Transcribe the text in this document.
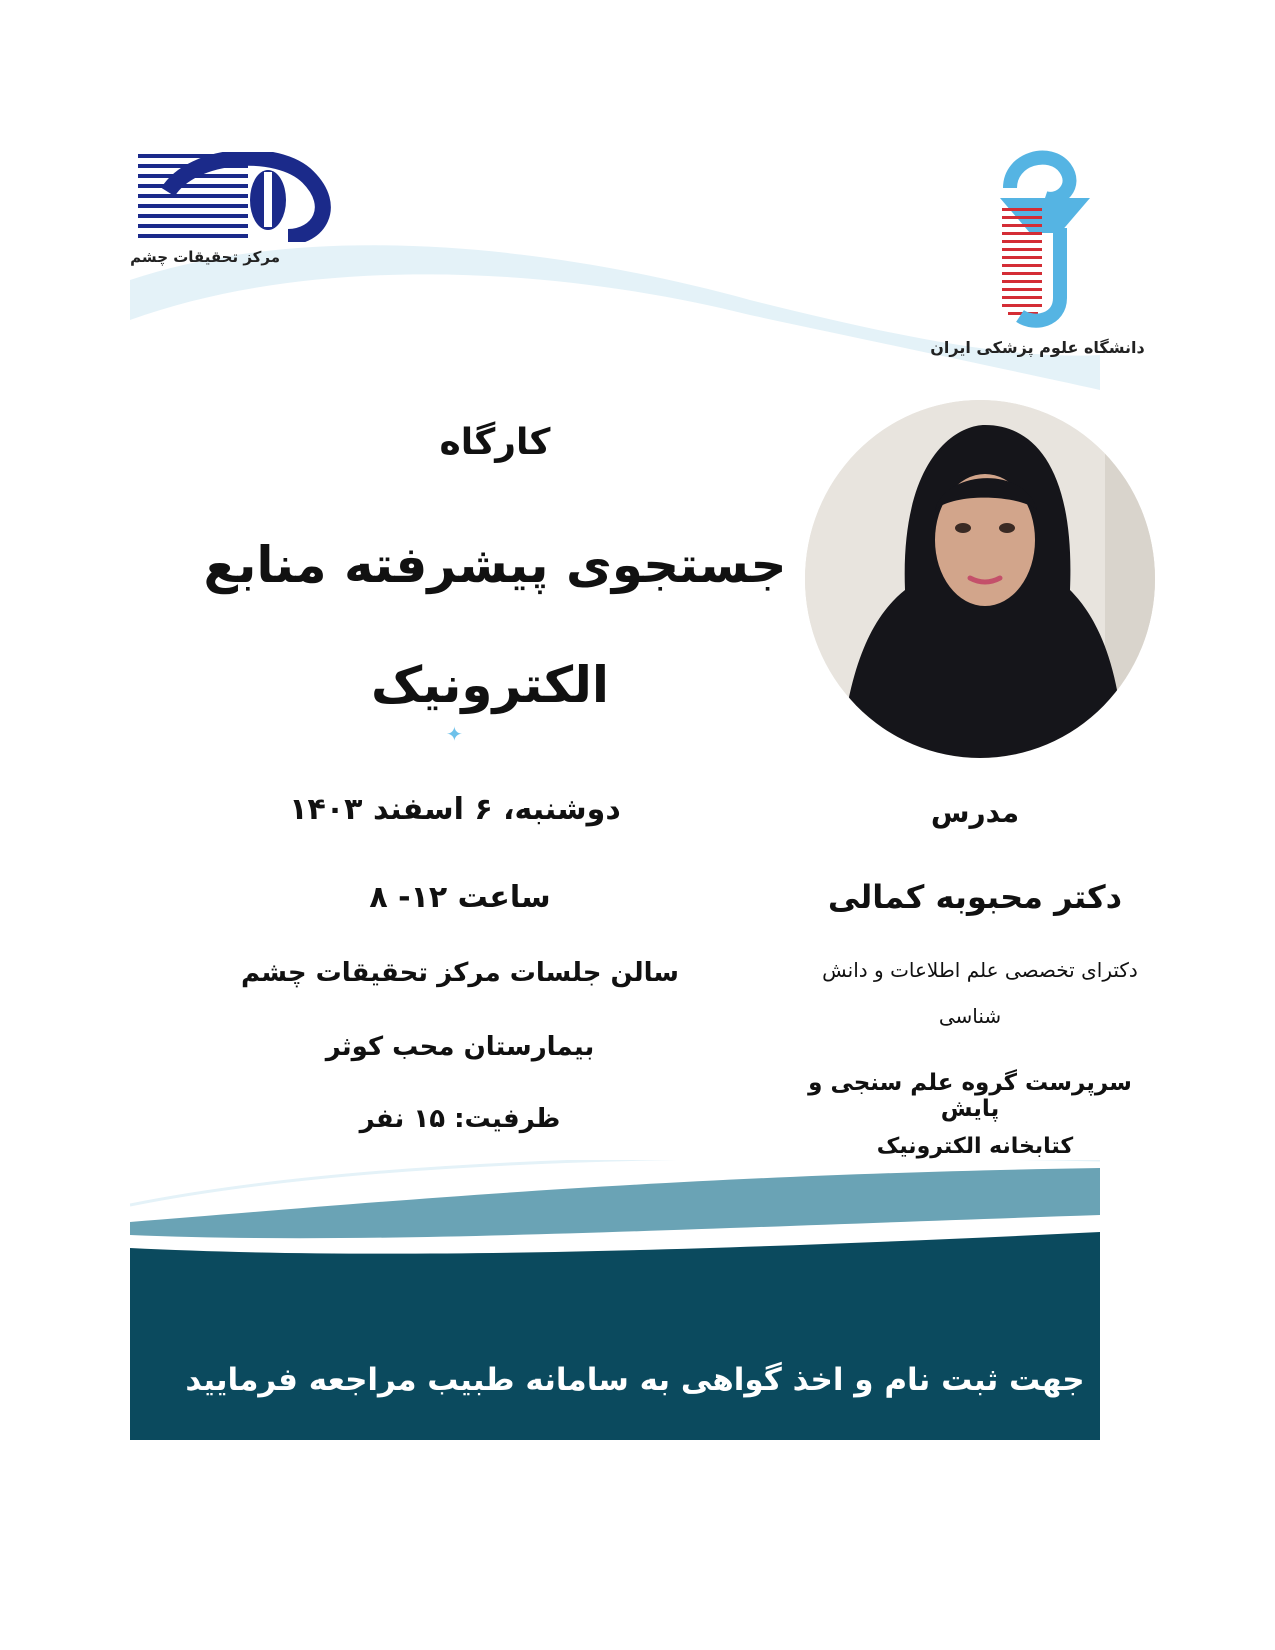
مرکز تحقیقات چشم
دانشگاه علوم پزشکی ایران
کارگاه
جستجوی پیشرفته منابع
الکترونیک
✦
دوشنبه، ۶ اسفند ۱۴۰۳
ساعت ۱۲- ۸
سالن جلسات مرکز تحقیقات چشم
بیمارستان محب کوثر
ظرفیت: ۱۵ نفر
مدرس
دکتر محبوبه کمالی
دکترای تخصصی علم اطلاعات و دانش
شناسی
سرپرست گروه علم سنجی و پایش
کتابخانه الکترونیک
جهت ثبت نام و اخذ گواهی به سامانه طبیب مراجعه فرمایید
